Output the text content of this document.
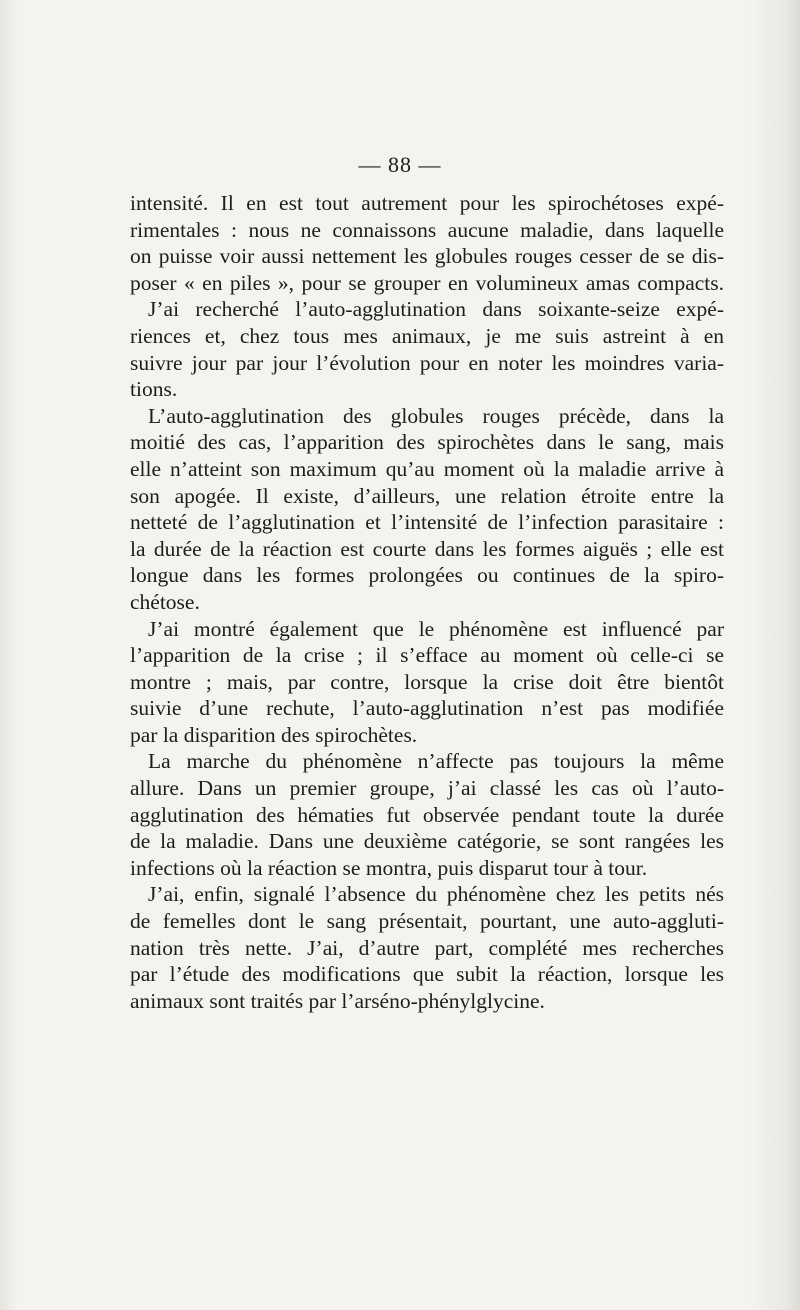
— 88 —
intensité. Il en est tout autrement pour les spirochétoses expé-
rimentales : nous ne connaissons aucune maladie, dans laquelle
on puisse voir aussi nettement les globules rouges cesser de se dis-
poser « en piles », pour se grouper en volumineux amas compacts.
J’ai recherché l’auto-agglutination dans soixante-seize expé-
riences et, chez tous mes animaux, je me suis astreint à en
suivre jour par jour l’évolution pour en noter les moindres varia-
tions.
L’auto-agglutination des globules rouges précède, dans la
moitié des cas, l’apparition des spirochètes dans le sang, mais
elle n’atteint son maximum qu’au moment où la maladie arrive à
son apogée. Il existe, d’ailleurs, une relation étroite entre la
netteté de l’agglutination et l’intensité de l’infection parasitaire :
la durée de la réaction est courte dans les formes aiguës ; elle est
longue dans les formes prolongées ou continues de la spiro-
chétose.
J’ai montré également que le phénomène est influencé par
l’apparition de la crise ; il s’efface au moment où celle-ci se
montre ; mais, par contre, lorsque la crise doit être bientôt
suivie d’une rechute, l’auto-agglutination n’est pas modifiée
par la disparition des spirochètes.
La marche du phénomène n’affecte pas toujours la même
allure. Dans un premier groupe, j’ai classé les cas où l’auto-
agglutination des hématies fut observée pendant toute la durée
de la maladie. Dans une deuxième catégorie, se sont rangées les
infections où la réaction se montra, puis disparut tour à tour.
J’ai, enfin, signalé l’absence du phénomène chez les petits nés
de femelles dont le sang présentait, pourtant, une auto-aggluti-
nation très nette. J’ai, d’autre part, complété mes recherches
par l’étude des modifications que subit la réaction, lorsque les
animaux sont traités par l’arséno-phénylglycine.
